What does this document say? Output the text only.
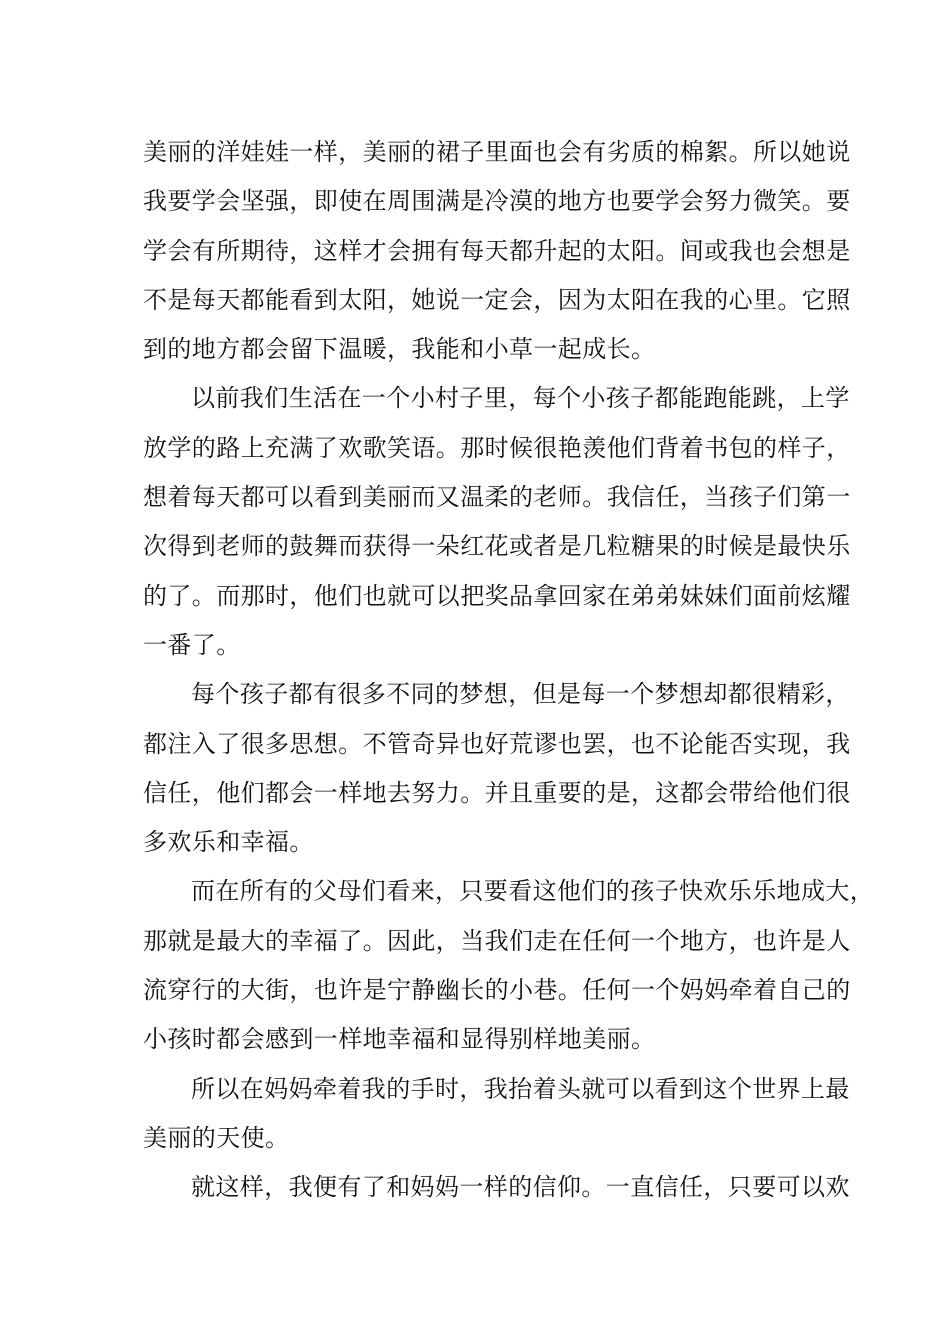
美丽的洋娃娃一样，美丽的裙子里面也会有劣质的棉絮。所以她说
我要学会坚强，即使在周围满是冷漠的地方也要学会努力微笑。要
学会有所期待，这样才会拥有每天都升起的太阳。间或我也会想是
不是每天都能看到太阳，她说一定会，因为太阳在我的心里。它照
到的地方都会留下温暖，我能和小草一起成长。
以前我们生活在一个小村子里，每个小孩子都能跑能跳，上学
放学的路上充满了欢歌笑语。那时候很艳羡他们背着书包的样子，
想着每天都可以看到美丽而又温柔的老师。我信任，当孩子们第一
次得到老师的鼓舞而获得一朵红花或者是几粒糖果的时候是最快乐
的了。而那时，他们也就可以把奖品拿回家在弟弟妹妹们面前炫耀
一番了。
每个孩子都有很多不同的梦想，但是每一个梦想却都很精彩，
都注入了很多思想。不管奇异也好荒谬也罢，也不论能否实现，我
信任，他们都会一样地去努力。并且重要的是，这都会带给他们很
多欢乐和幸福。
而在所有的父母们看来，只要看这他们的孩子快欢乐乐地成大，
那就是最大的幸福了。因此，当我们走在任何一个地方，也许是人
流穿行的大街，也许是宁静幽长的小巷。任何一个妈妈牵着自己的
小孩时都会感到一样地幸福和显得别样地美丽。
所以在妈妈牵着我的手时，我抬着头就可以看到这个世界上最
美丽的天使。
就这样，我便有了和妈妈一样的信仰。一直信任，只要可以欢
